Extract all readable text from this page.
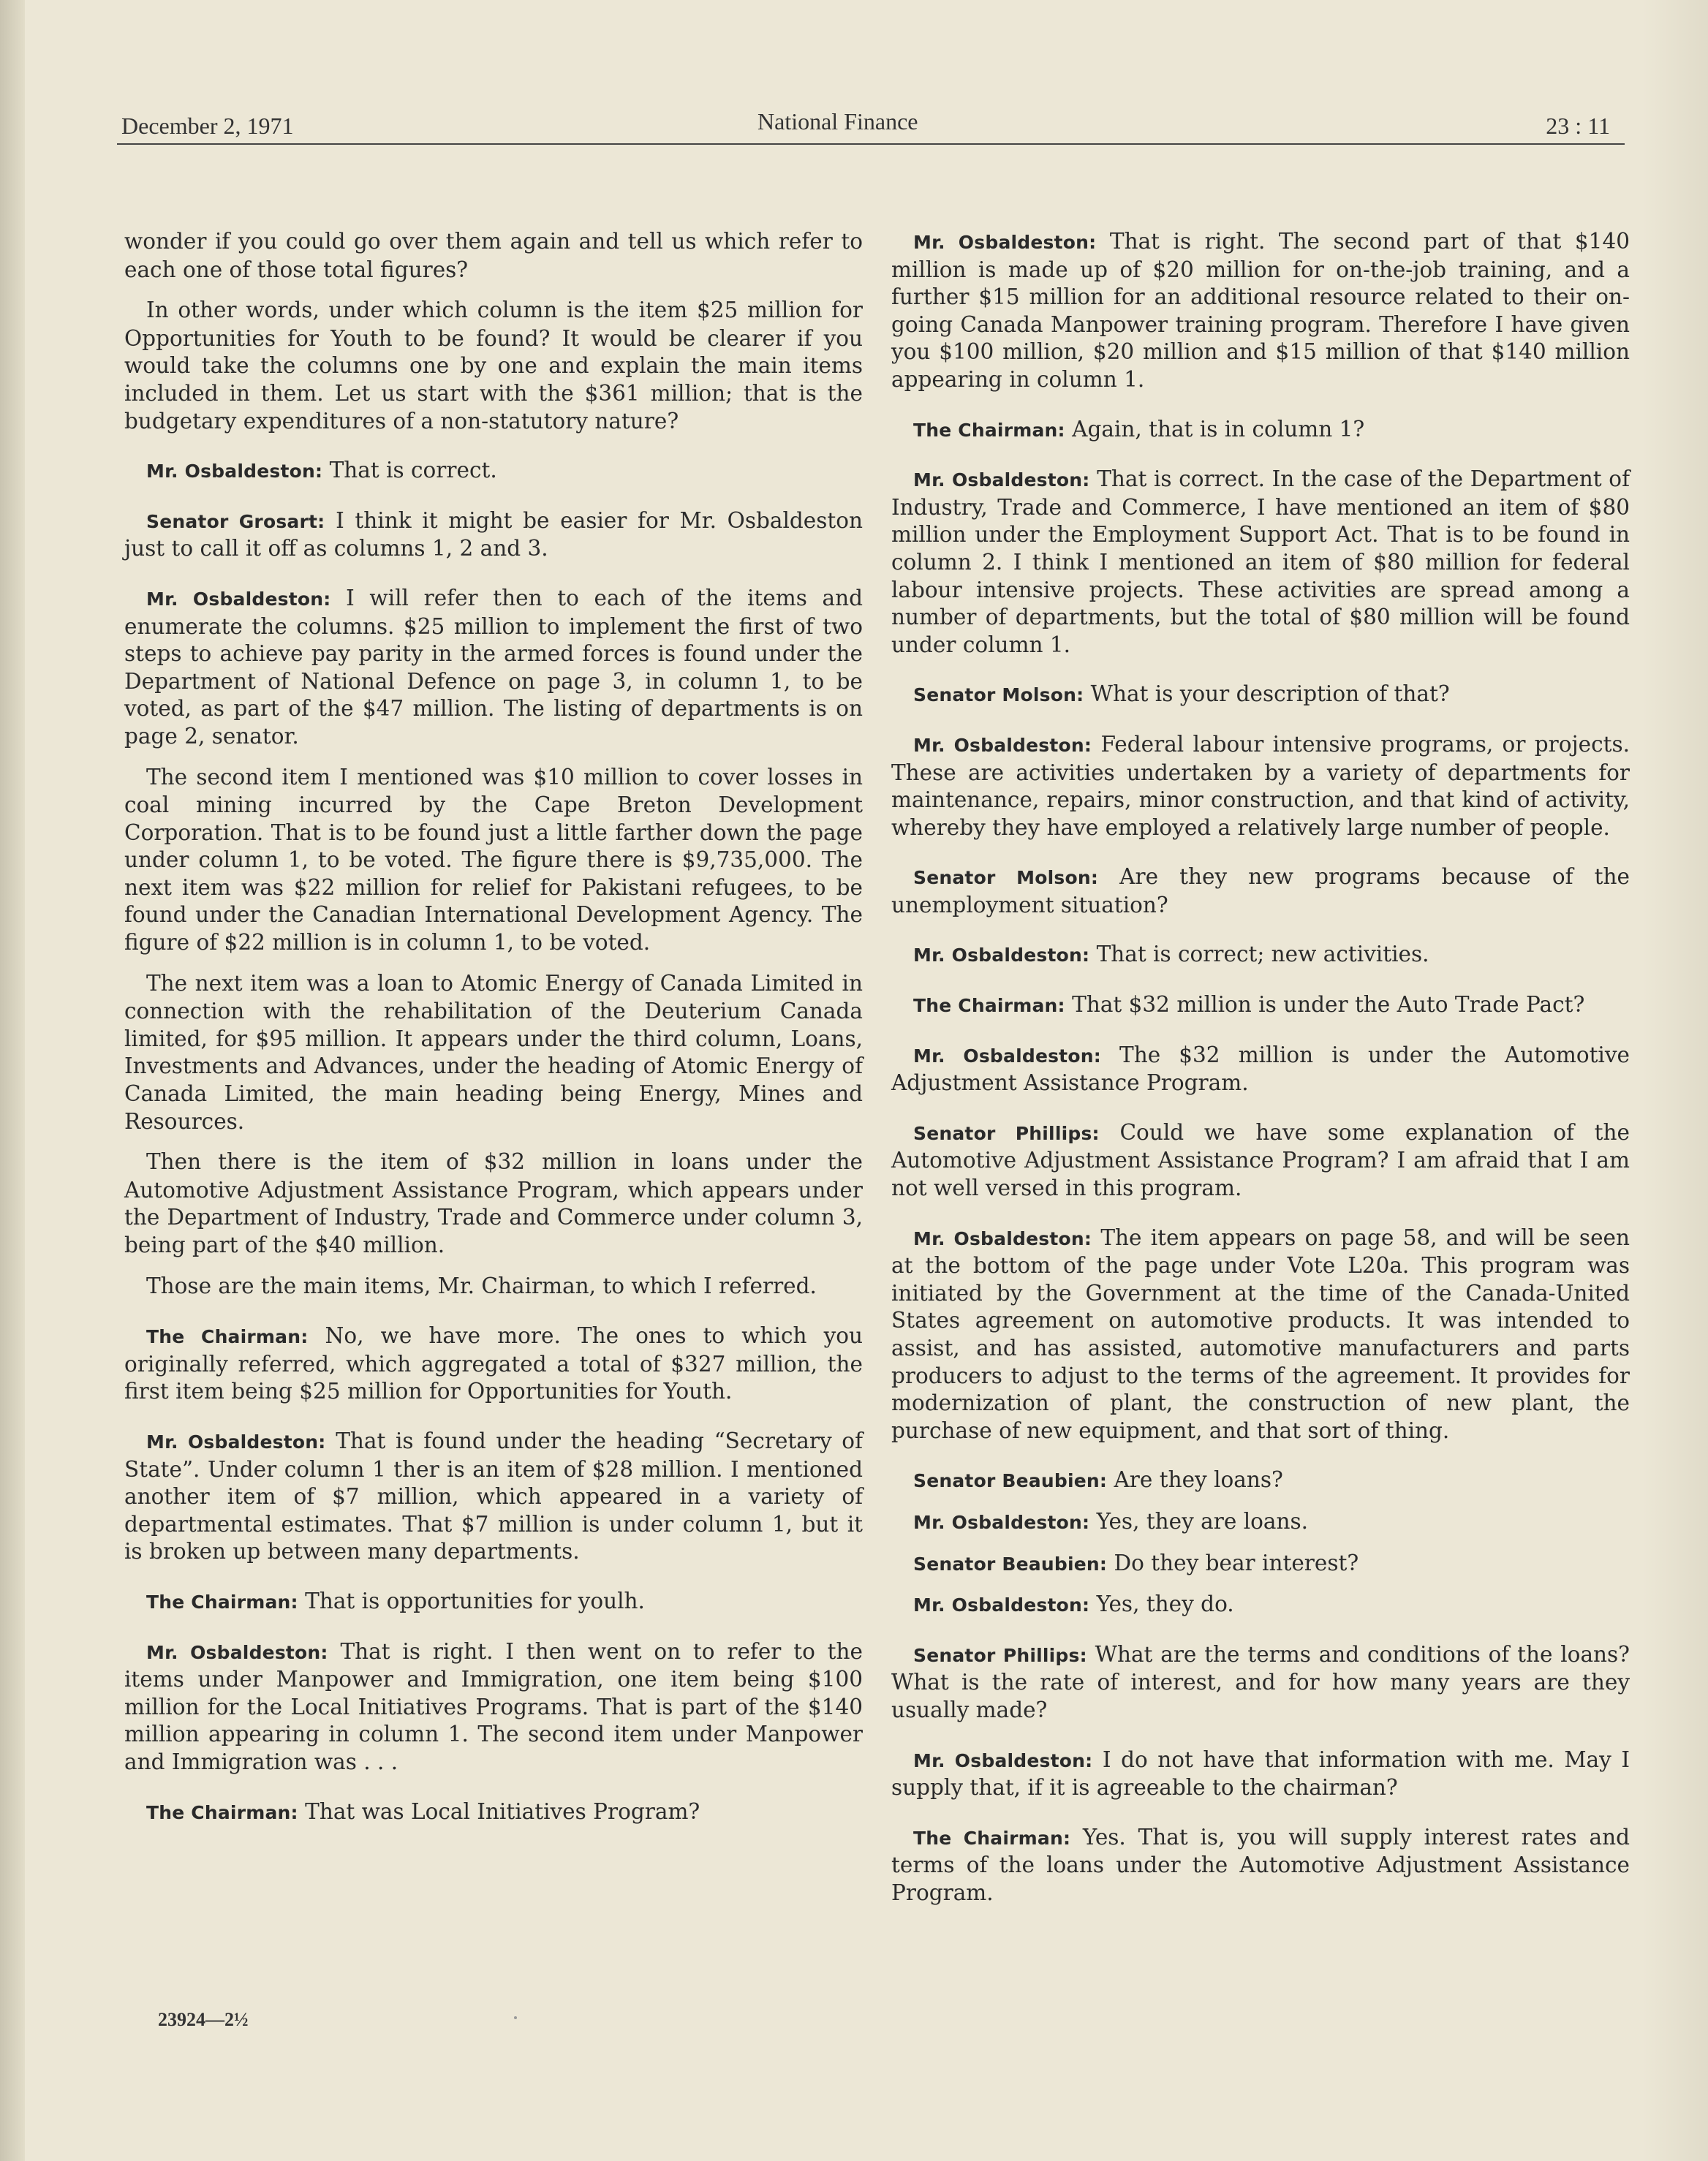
December 2, 1971	National Finance	23 : 11

wonder if you could go over them again and tell us which refer to each one of those total figures?

In other words, under which column is the item $25 million for Opportunities for Youth to be found? It would be clearer if you would take the columns one by one and explain the main items included in them. Let us start with the $361 million; that is the budgetary expenditures of a non-statutory nature?

Mr. Osbaldeston: That is correct.

Senator Grosart: I think it might be easier for Mr. Osbaldeston just to call it off as columns 1, 2 and 3.

Mr. Osbaldeston: I will refer then to each of the items and enumerate the columns. $25 million to implement the first of two steps to achieve pay parity in the armed forces is found under the Department of National Defence on page 3, in column 1, to be voted, as part of the $47 million. The listing of departments is on page 2, senator.

The second item I mentioned was $10 million to cover losses in coal mining incurred by the Cape Breton Development Corporation. That is to be found just a little farther down the page under column 1, to be voted. The figure there is $9,735,000. The next item was $22 million for relief for Pakistani refugees, to be found under the Canadian International Development Agency. The figure of $22 million is in column 1, to be voted.

The next item was a loan to Atomic Energy of Canada Limited in connection with the rehabilitation of the Deuterium Canada limited, for $95 million. It appears under the third column, Loans, Investments and Advances, under the heading of Atomic Energy of Canada Limited, the main heading being Energy, Mines and Resources.

Then there is the item of $32 million in loans under the Automotive Adjustment Assistance Program, which appears under the Department of Industry, Trade and Commerce under column 3, being part of the $40 million.

Those are the main items, Mr. Chairman, to which I referred.

The Chairman: No, we have more. The ones to which you originally referred, which aggregated a total of $327 million, the first item being $25 million for Opportunities for Youth.

Mr. Osbaldeston: That is found under the heading “Secretary of State”. Under column 1 ther is an item of $28 million. I mentioned another item of $7 million, which appeared in a variety of departmental estimates. That $7 million is under column 1, but it is broken up between many departments.

The Chairman: That is opportunities for youlh.

Mr. Osbaldeston: That is right. I then went on to refer to the items under Manpower and Immigration, one item being $100 million for the Local Initiatives Programs. That is part of the $140 million appearing in column 1. The second item under Manpower and Immigration was . . .

The Chairman: That was Local Initiatives Program?

Mr. Osbaldeston: That is right. The second part of that $140 million is made up of $20 million for on-the-job training, and a further $15 million for an additional resource related to their on-going Canada Manpower training program. Therefore I have given you $100 million, $20 million and $15 million of that $140 million appearing in column 1.

The Chairman: Again, that is in column 1?

Mr. Osbaldeston: That is correct. In the case of the Department of Industry, Trade and Commerce, I have mentioned an item of $80 million under the Employment Support Act. That is to be found in column 2. I think I mentioned an item of $80 million for federal labour intensive projects. These activities are spread among a number of departments, but the total of $80 million will be found under column 1.

Senator Molson: What is your description of that?

Mr. Osbaldeston: Federal labour intensive programs, or projects. These are activities undertaken by a variety of departments for maintenance, repairs, minor construction, and that kind of activity, whereby they have employed a relatively large number of people.

Senator Molson: Are they new programs because of the unemployment situation?

Mr. Osbaldeston: That is correct; new activities.

The Chairman: That $32 million is under the Auto Trade Pact?

Mr. Osbaldeston: The $32 million is under the Automotive Adjustment Assistance Program.

Senator Phillips: Could we have some explanation of the Automotive Adjustment Assistance Program? I am afraid that I am not well versed in this program.

Mr. Osbaldeston: The item appears on page 58, and will be seen at the bottom of the page under Vote L20a. This program was initiated by the Government at the time of the Canada-United States agreement on automotive products. It was intended to assist, and has assisted, automotive manufacturers and parts producers to adjust to the terms of the agreement. It provides for modernization of plant, the construction of new plant, the purchase of new equipment, and that sort of thing.

Senator Beaubien: Are they loans?

Mr. Osbaldeston: Yes, they are loans.

Senator Beaubien: Do they bear interest?

Mr. Osbaldeston: Yes, they do.

Senator Phillips: What are the terms and conditions of the loans? What is the rate of interest, and for how many years are they usually made?

Mr. Osbaldeston: I do not have that information with me. May I supply that, if it is agreeable to the chairman?

The Chairman: Yes. That is, you will supply interest rates and terms of the loans under the Automotive Adjustment Assistance Program.

23924—2½
